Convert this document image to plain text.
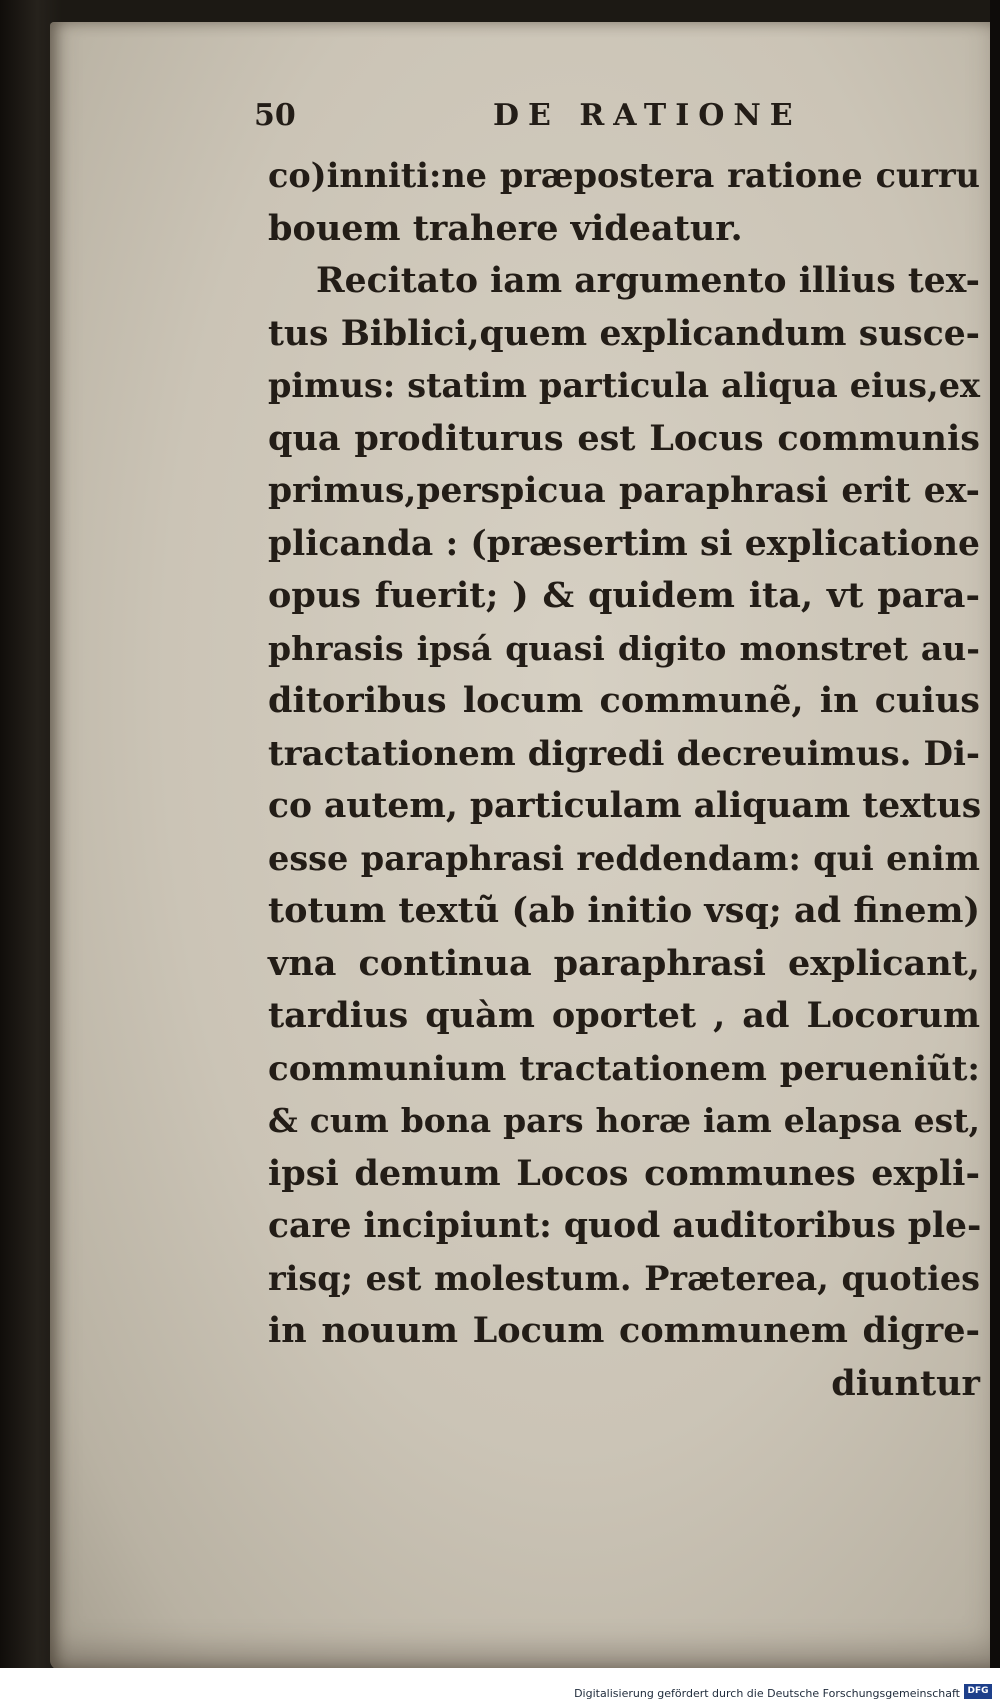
50	DE RATIONE
co)inniti:ne præpostera ratione curru
bouem trahere videatur.
Recitato iam argumento illius tex-
tus Biblici,quem explicandum susce-
pimus: statim particula aliqua eius,ex
qua proditurus est Locus communis
primus,perspicua paraphrasi erit ex-
plicanda : (præsertim si explicatione
opus fuerit; ) & quidem ita, vt para-
phrasis ipsá quasi digito monstret au-
ditoribus locum communẽ, in cuius
tractationem digredi decreuimus. Di-
co autem, particulam aliquam textus
esse paraphrasi reddendam: qui enim
totum textũ (ab initio vsq; ad finem)
vna continua paraphrasi explicant,
tardius quàm oportet , ad Locorum
communium tractationem perueniũt:
& cum bona pars horæ iam elapsa est,
ipsi demum Locos communes expli-
care incipiunt: quod auditoribus ple-
risq; est molestum. Præterea, quoties
in nouum Locum communem digre-
diuntur
Digitalisierung gefördert durch die Deutsche Forschungsgemeinschaft DFG
